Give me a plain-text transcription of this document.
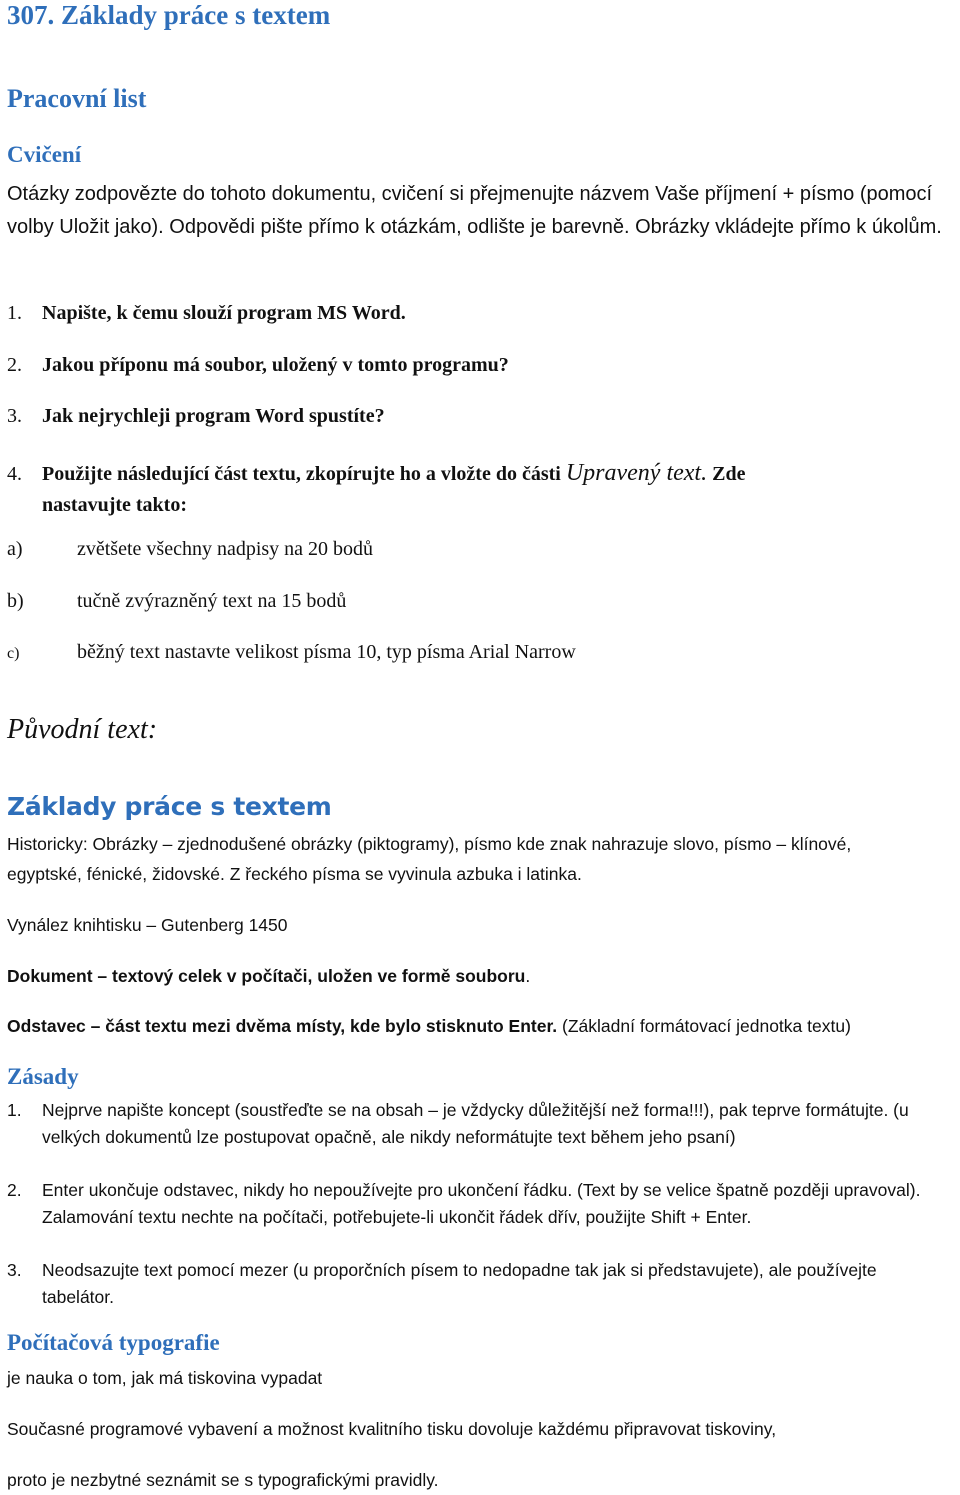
307. Základy práce s textem
Pracovní list
Cvičení
Otázky zodpovězte do tohoto dokumentu, cvičení si přejmenujte názvem Vaše příjmení + písmo (pomocí volby Uložit jako). Odpovědi pište přímo k otázkám, odlište je barevně. Obrázky vkládejte přímo k úkolům.
1. Napište, k čemu slouží program MS Word.
2. Jakou příponu má soubor, uložený v tomto programu?
3. Jak nejrychleji program Word spustíte?
4. Použijte následující část textu, zkopírujte ho a vložte do části Upravený text. Zde
nastavujte takto:
a)	zvětšete všechny nadpisy na 20 bodů
b)	tučně zvýrazněný text na 15 bodů
c)	běžný text nastavte velikost písma 10, typ písma Arial Narrow
Původní text:
Základy práce s textem
Historicky: Obrázky – zjednodušené obrázky (piktogramy), písmo kde znak nahrazuje slovo, písmo – klínové,
egyptské, fénické, židovské. Z řeckého písma se vyvinula azbuka i latinka.
Vynález knihtisku – Gutenberg 1450
Dokument – textový celek v počítači, uložen ve formě souboru.
Odstavec – část textu mezi dvěma místy, kde bylo stisknuto Enter. (Základní formátovací jednotka textu)
Zásady
1.	Nejprve napište koncept (soustřeďte se na obsah – je vždycky důležitější než forma!!!), pak teprve formátujte. (u velkých dokumentů lze postupovat opačně, ale nikdy neformátujte text během jeho psaní)
2.	Enter ukončuje odstavec, nikdy ho nepoužívejte pro ukončení řádku. (Text by se velice špatně později upravoval). Zalamování textu nechte na počítači, potřebujete-li ukončit řádek dřív, použijte Shift + Enter.
3.	Neodsazujte text pomocí mezer (u proporčních písem to nedopadne tak jak si představujete), ale používejte tabelátor.
Počítačová typografie
je nauka o tom, jak má tiskovina vypadat
Současné programové vybavení a možnost kvalitního tisku dovoluje každému připravovat tiskoviny,
proto je nezbytné seznámit se s typografickými pravidly.
